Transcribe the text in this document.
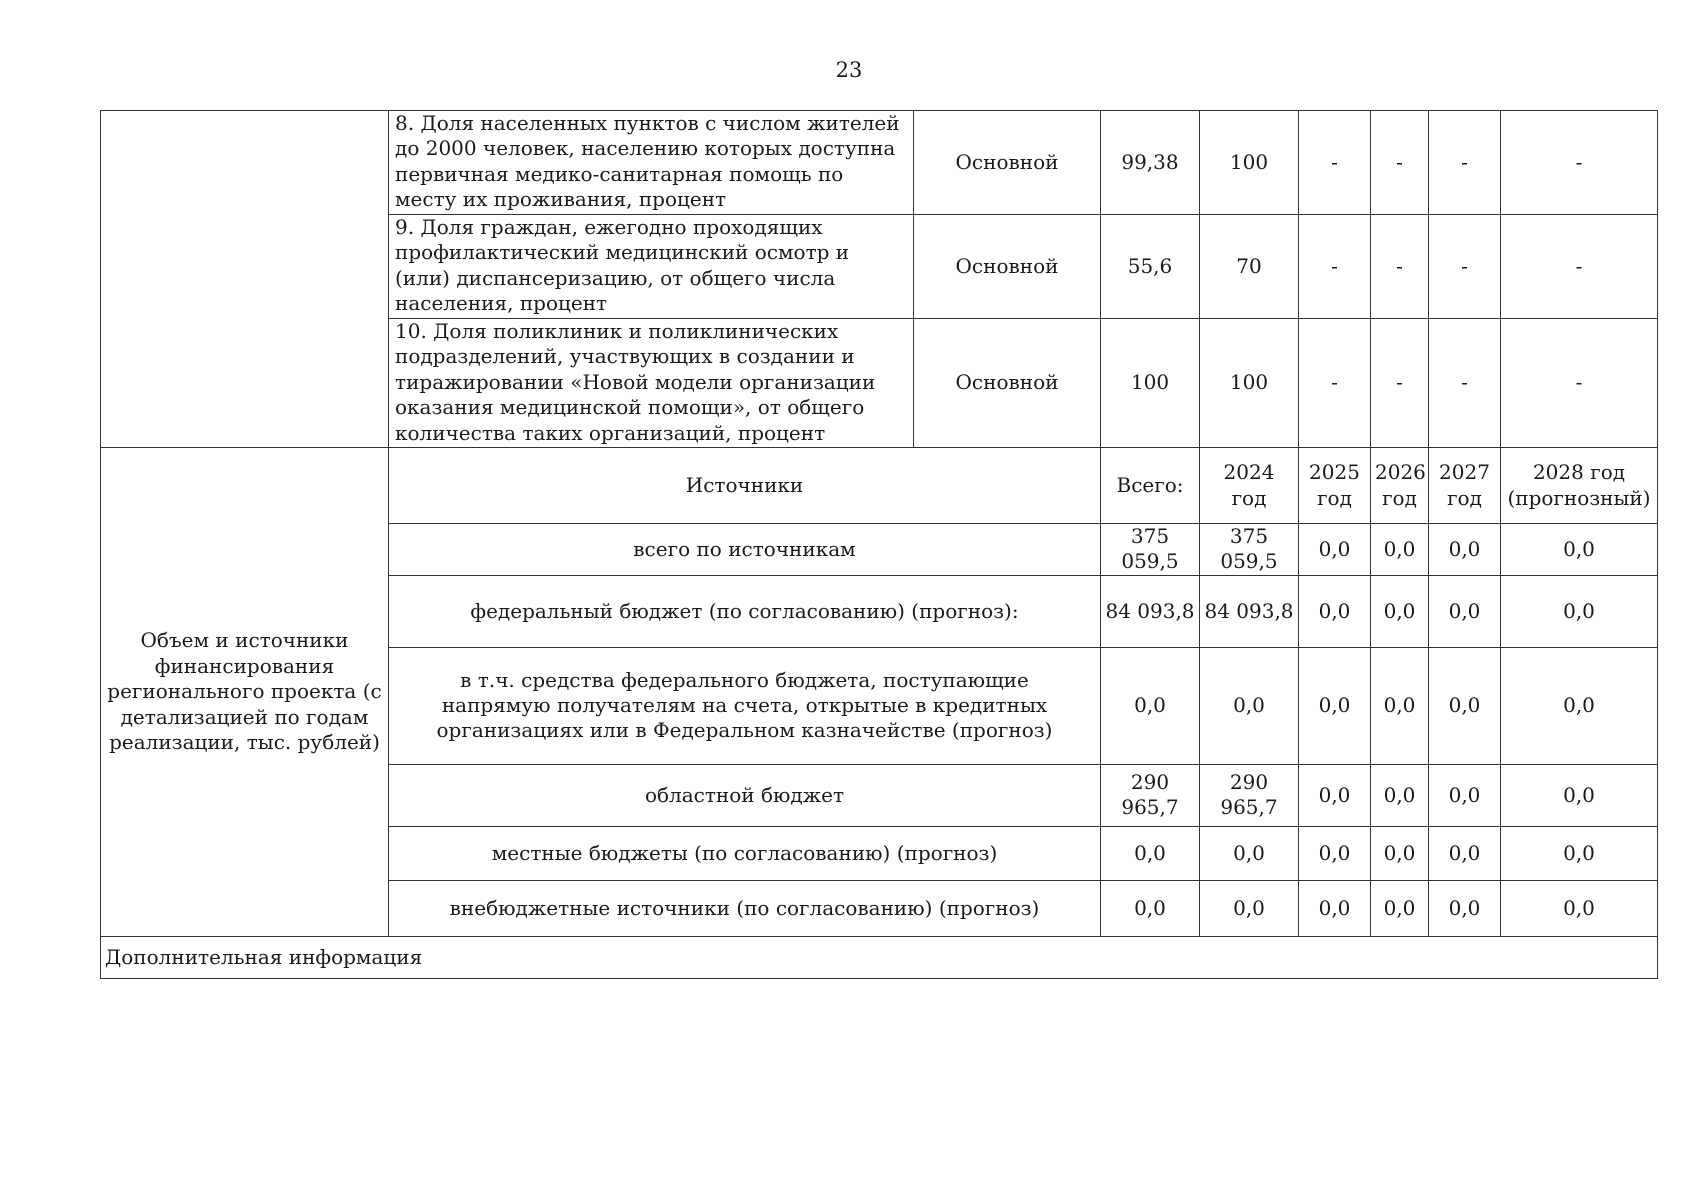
23
	8. Доля населенных пунктов с числом жителей до 2000 человек, населению которых доступна первичная медико-санитарная помощь по месту их проживания, процент	Основной	99,38	100	-	-	-	-
	9. Доля граждан, ежегодно проходящих профилактический медицинский осмотр и (или) диспансеризацию, от общего числа населения, процент	Основной	55,6	70	-	-	-	-
	10. Доля поликлиник и поликлинических подразделений, участвующих в создании и тиражировании «Новой модели организации оказания медицинской помощи», от общего количества таких организаций, процент	Основной	100	100	-	-	-	-
Объем и источники финансирования регионального проекта (с детализацией по годам реализации, тыс. рублей)	Источники		Всего:	2024 год	2025 год	2026 год	2027 год	2028 год (прогнозный)
	всего по источникам		375 059,5	375 059,5	0,0	0,0	0,0	0,0
	федеральный бюджет (по согласованию) (прогноз):		84 093,8	84 093,8	0,0	0,0	0,0	0,0
	в т.ч. средства федерального бюджета, поступающие напрямую получателям на счета, открытые в кредитных организациях или в Федеральном казначействе (прогноз)		0,0	0,0	0,0	0,0	0,0	0,0
	областной бюджет		290 965,7	290 965,7	0,0	0,0	0,0	0,0
	местные бюджеты (по согласованию) (прогноз)		0,0	0,0	0,0	0,0	0,0	0,0
	внебюджетные источники (по согласованию) (прогноз)		0,0	0,0	0,0	0,0	0,0	0,0
Дополнительная информация								
